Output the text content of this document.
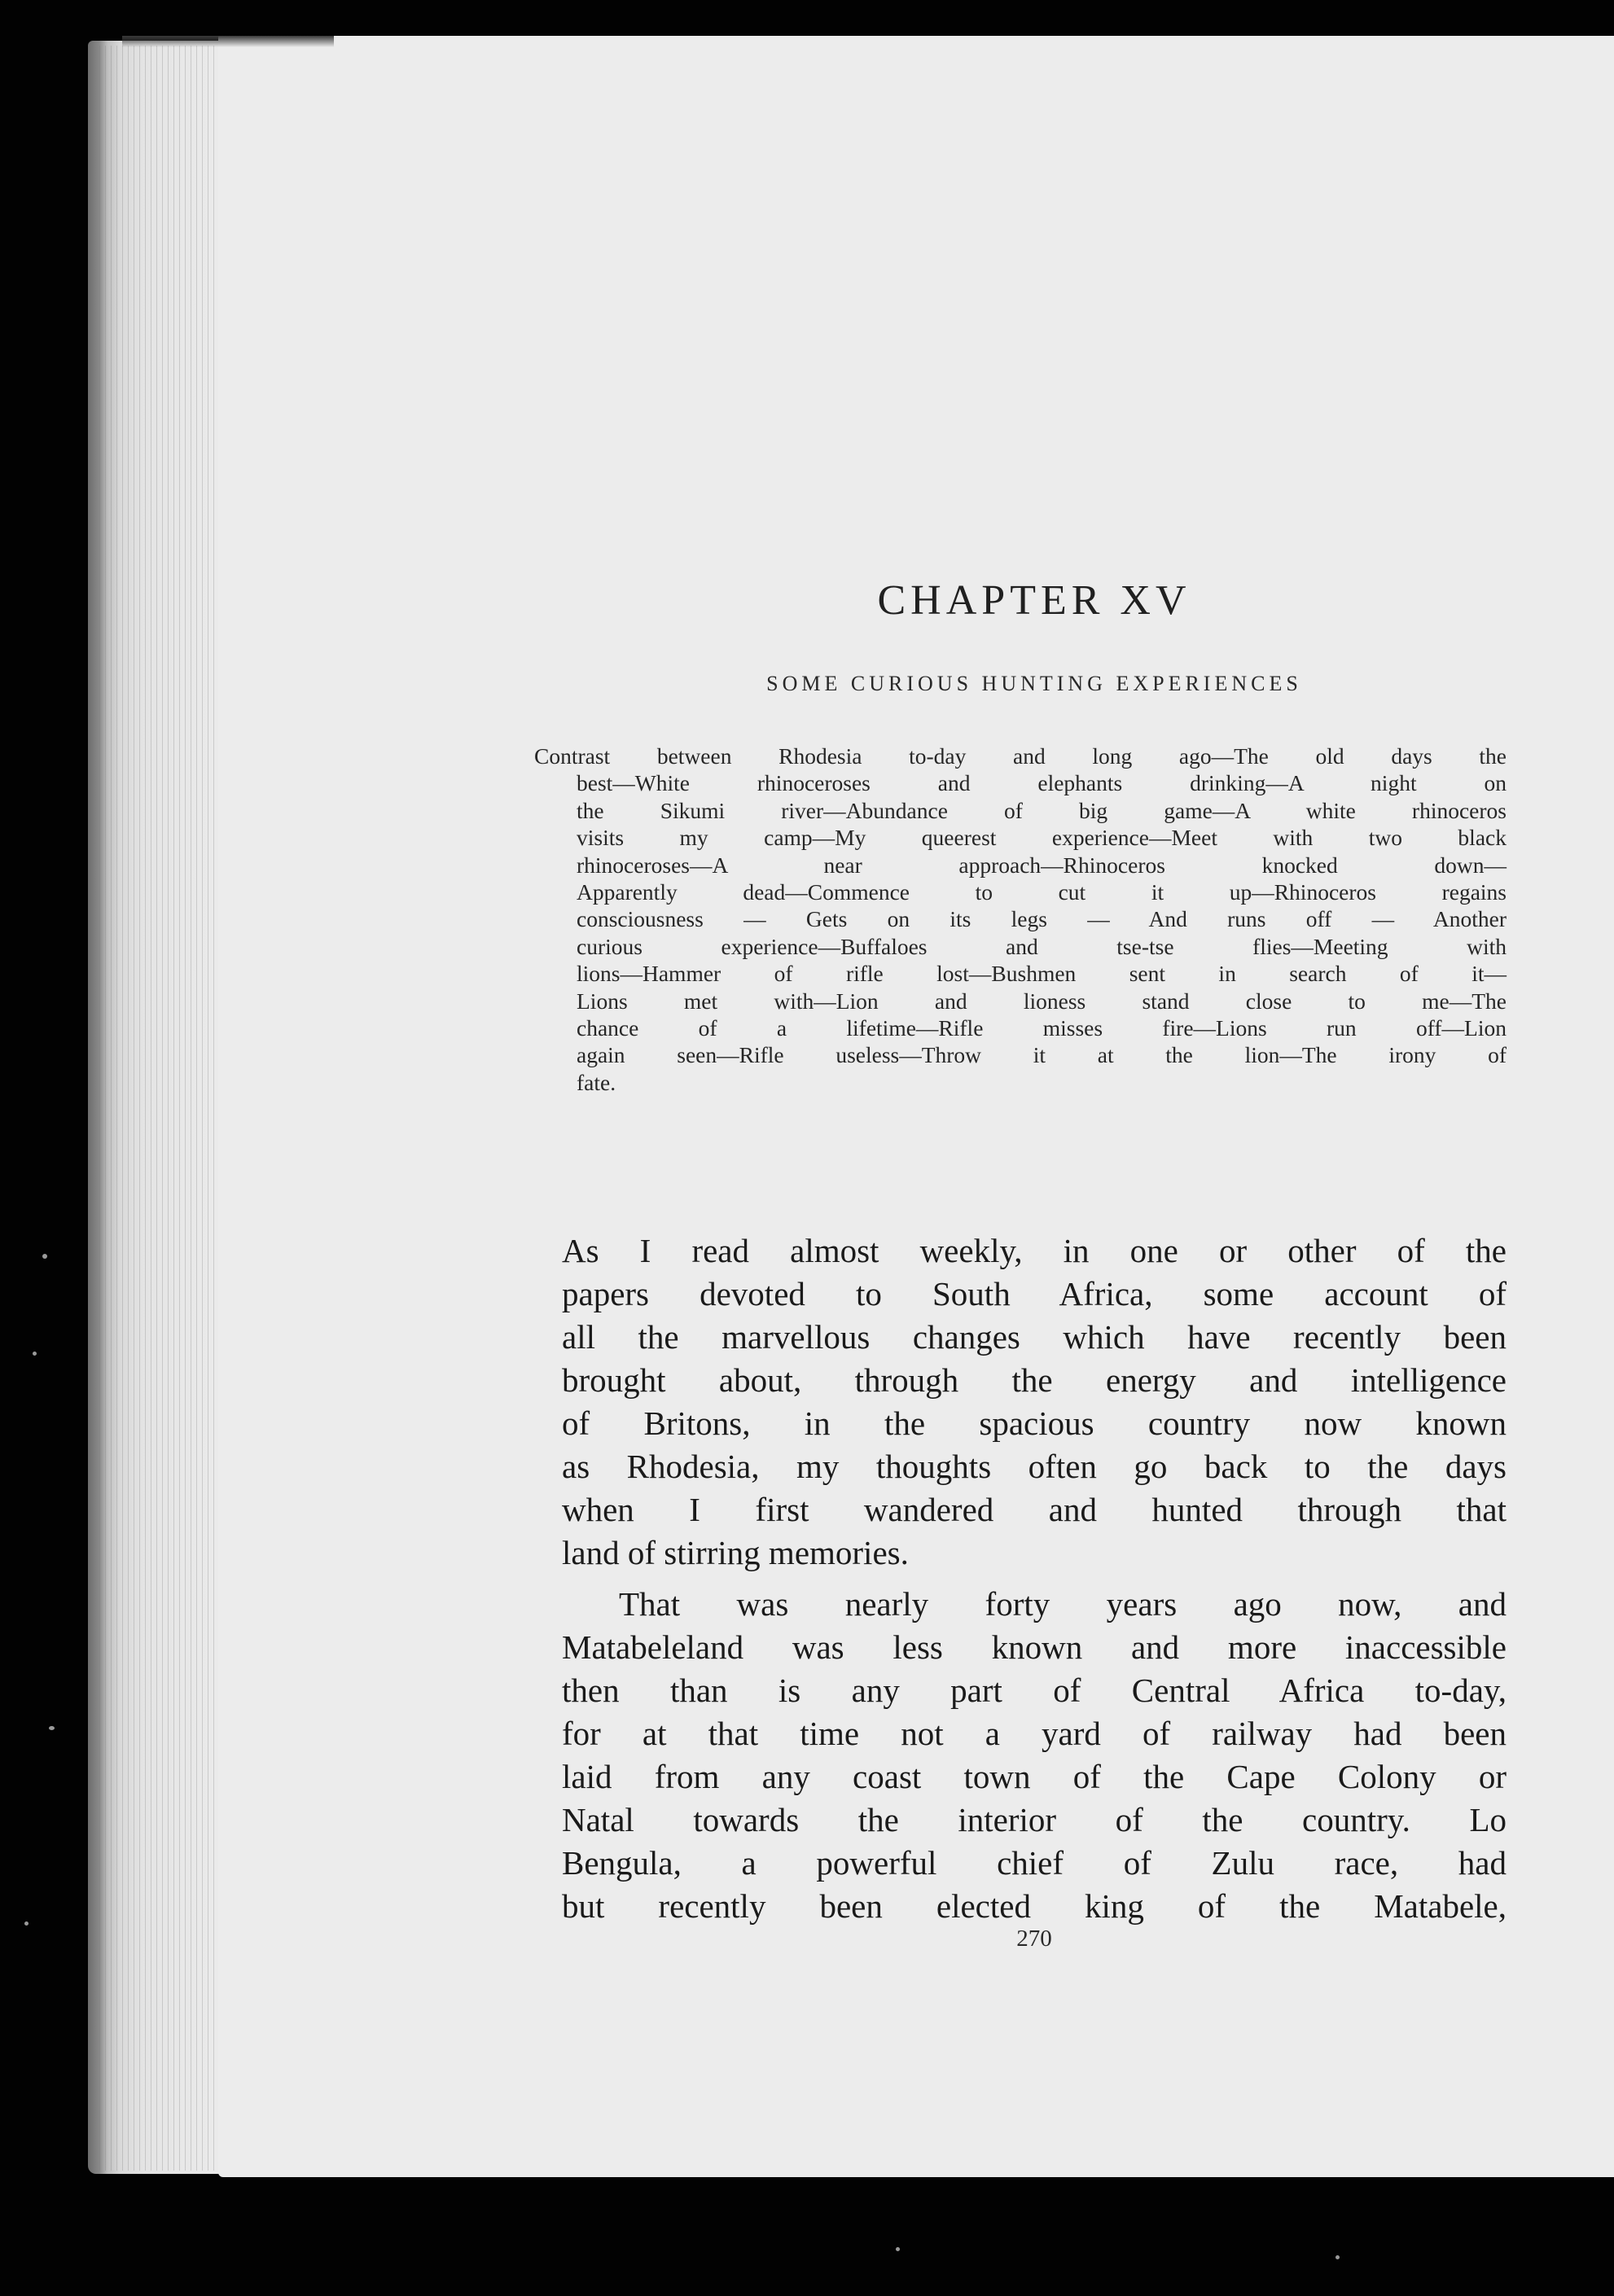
CHAPTER XV
SOME CURIOUS HUNTING EXPERIENCES
Contrast between Rhodesia to-day and long ago—The old days the
best—White rhinoceroses and elephants drinking—A night on
the Sikumi river—Abundance of big game—A white rhinoceros
visits my camp—My queerest experience—Meet with two black
rhinoceroses—A near approach—Rhinoceros knocked down—
Apparently dead—Commence to cut it up—Rhinoceros regains
consciousness — Gets on its legs — And runs off — Another
curious experience—Buffaloes and tse-tse flies—Meeting with
lions—Hammer of rifle lost—Bushmen sent in search of it—
Lions met with—Lion and lioness stand close to me—The
chance of a lifetime—Rifle misses fire—Lions run off—Lion
again seen—Rifle useless—Throw it at the lion—The irony of
fate.
As I read almost weekly, in one or other of the
papers devoted to South Africa, some account of
all the marvellous changes which have recently been
brought about, through the energy and intelligence
of Britons, in the spacious country now known
as Rhodesia, my thoughts often go back to the days
when I first wandered and hunted through that
land of stirring memories.
That was nearly forty years ago now, and
Matabeleland was less known and more inaccessible
then than is any part of Central Africa to-day,
for at that time not a yard of railway had been
laid from any coast town of the Cape Colony or
Natal towards the interior of the country. Lo
Bengula, a powerful chief of Zulu race, had
but recently been elected king of the Matabele,
270
